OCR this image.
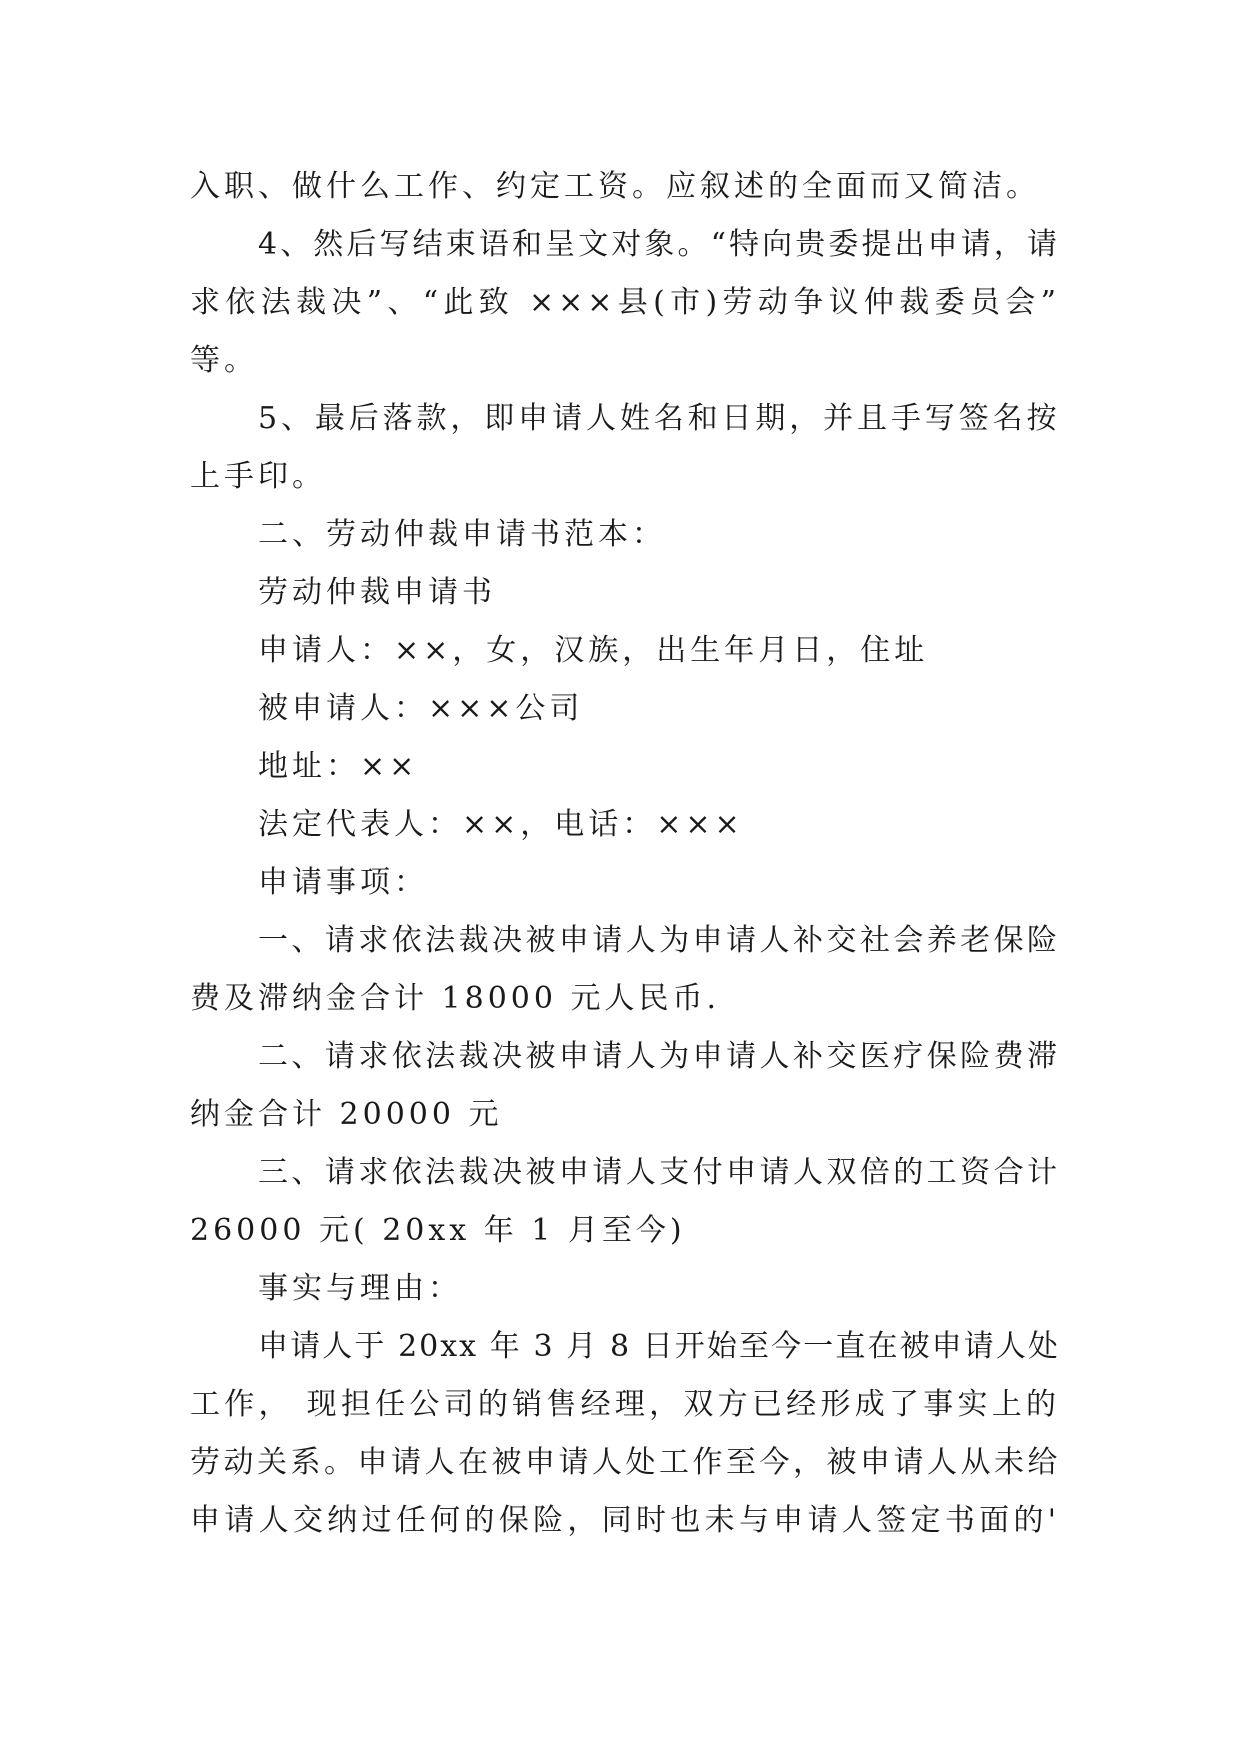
入职、做什么工作、约定工资。应叙述的全面而又简洁。
4、然后写结束语和呈文对象。“特向贵委提出申请，请
求依法裁决”、“此致 ×××县(市)劳动争议仲裁委员会”
等。
5、最后落款，即申请人姓名和日期，并且手写签名按
上手印。
二、劳动仲裁申请书范本：
劳动仲裁申请书
申请人：××，女，汉族，出生年月日，住址
被申请人：×××公司
地址：××
法定代表人：××，电话：×××
申请事项：
一、请求依法裁决被申请人为申请人补交社会养老保险
费及滞纳金合计 18000 元人民币.
二、请求依法裁决被申请人为申请人补交医疗保险费滞
纳金合计 20000 元
三、请求依法裁决被申请人支付申请人双倍的工资合计
26000 元( 20xx 年 1 月至今)
事实与理由：
申请人于 20xx 年 3 月 8 日开始至今一直在被申请人处
工作， 现担任公司的销售经理，双方已经形成了事实上的
劳动关系。申请人在被申请人处工作至今，被申请人从未给
申请人交纳过任何的保险，同时也未与申请人签定书面的'
